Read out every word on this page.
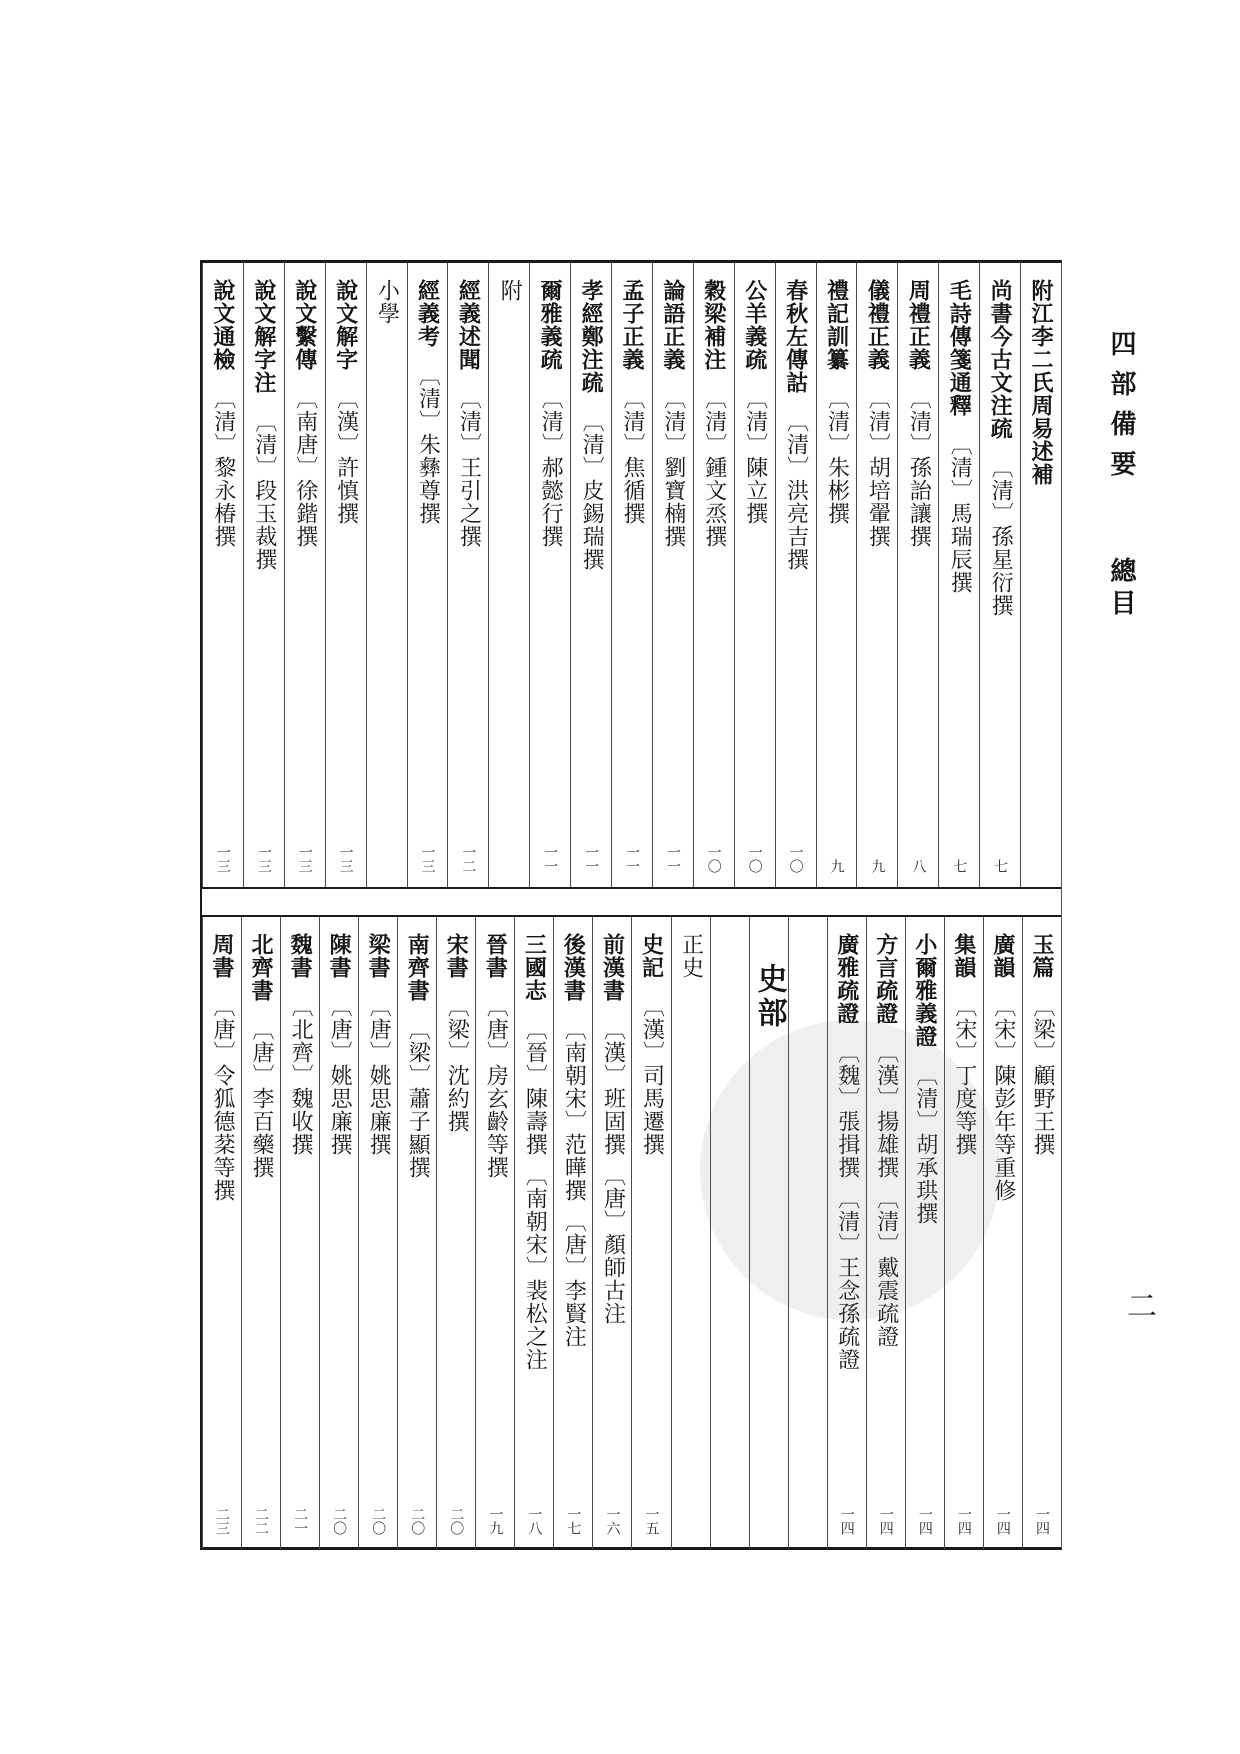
四部備要 總目
二
附江李二氏周易述補
尚書今古文注疏〔清〕孫星衍撰
七
毛詩傳箋通釋〔清〕馬瑞辰撰
七
周禮正義〔清〕孫詒讓撰
八
儀禮正義〔清〕胡培翬撰
九
禮記訓纂〔清〕朱彬撰
九
春秋左傳詁〔清〕洪亮吉撰
一〇
公羊義疏〔清〕陳立撰
一〇
穀梁補注〔清〕鍾文烝撰
一〇
論語正義〔清〕劉寶楠撰
一一
孟子正義〔清〕焦循撰
一一
孝經鄭注疏〔清〕皮錫瑞撰
一一
爾雅義疏〔清〕郝懿行撰
一一
附
經義述聞〔清〕王引之撰
一二
經義考〔清〕朱彝尊撰
一三
小學
說文解字〔漢〕許慎撰
一三
說文繫傳〔南唐〕徐鍇撰
一三
說文解字注〔清〕段玉裁撰
一三
說文通檢〔清〕黎永椿撰
一三
玉篇〔梁〕顧野王撰
一四
廣韻〔宋〕陳彭年等重修
一四
集韻〔宋〕丁度等撰
一四
小爾雅義證〔清〕胡承珙撰
一四
方言疏證〔漢〕揚雄撰 〔清〕戴震疏證
一四
廣雅疏證〔魏〕張揖撰 〔清〕王念孫疏證
一四
史部
正史
史記〔漢〕司馬遷撰
一五
前漢書〔漢〕班固撰 〔唐〕顏師古注
一六
後漢書〔南朝宋〕范曄撰 〔唐〕李賢注
一七
三國志〔晉〕陳壽撰 〔南朝宋〕裴松之注
一八
晉書〔唐〕房玄齡等撰
一九
宋書〔梁〕沈約撰
二〇
南齊書〔梁〕蕭子顯撰
二〇
梁書〔唐〕姚思廉撰
二〇
陳書〔唐〕姚思廉撰
二〇
魏書〔北齊〕魏收撰
二一
北齊書〔唐〕李百藥撰
二二
周書〔唐〕令狐德棻等撰
二三
